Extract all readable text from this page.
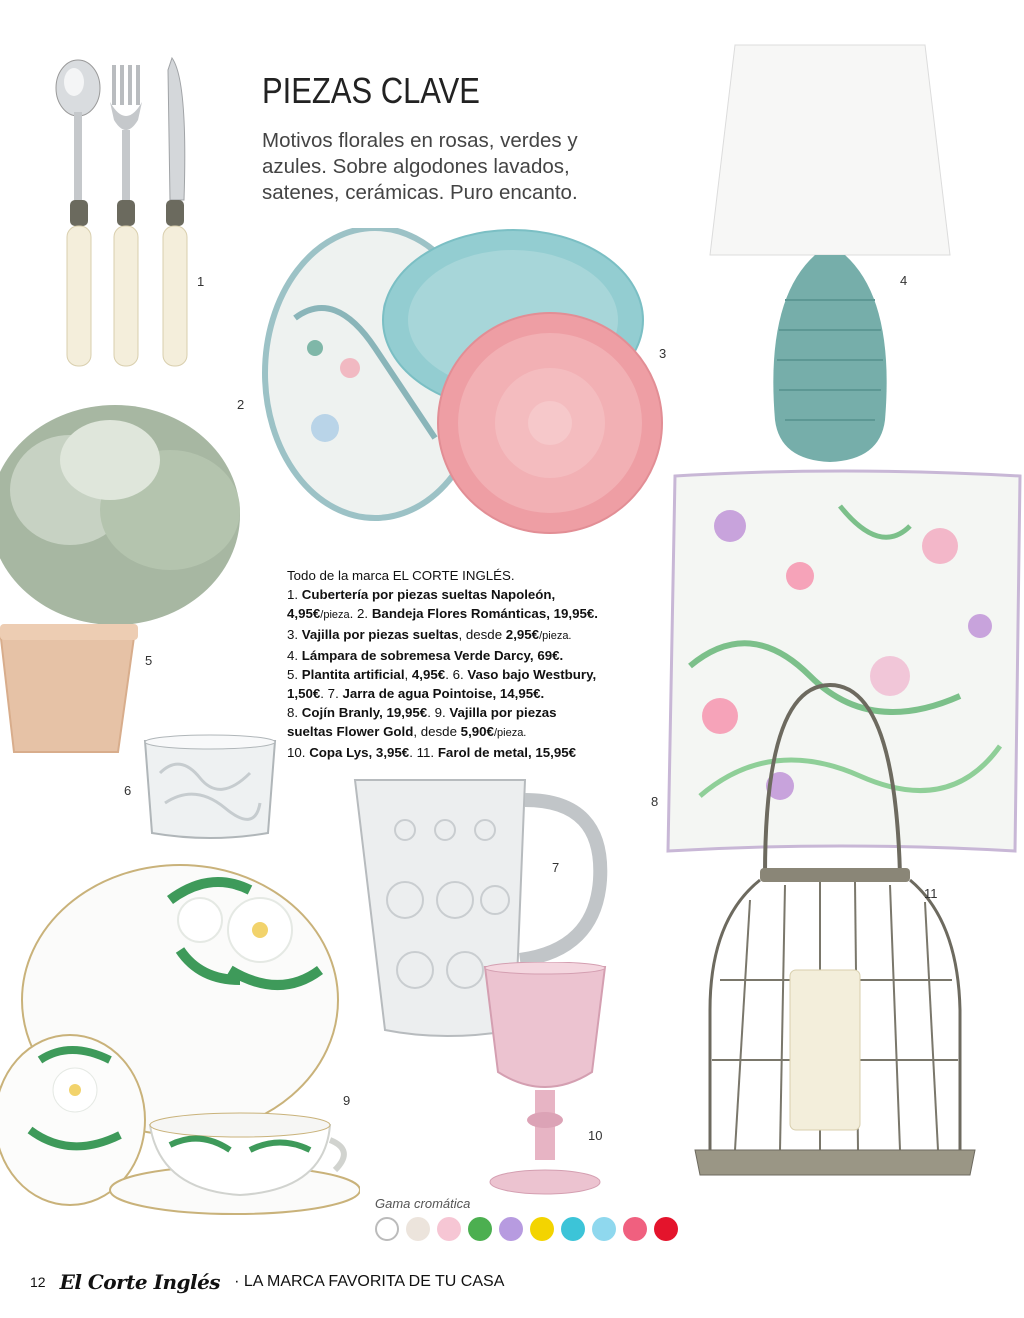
PIEZAS CLAVE
Motivos florales en rosas, verdes y
azules. Sobre algodones lavados,
satenes, cerámicas. Puro encanto.
1
2
3
4
5
6
7
8
9
10
11
Todo de la marca EL CORTE INGLÉS.
1. Cubertería por piezas sueltas Napoleón,
4,95€/pieza. 2. Bandeja Flores Románticas, 19,95€.
3. Vajilla por piezas sueltas, desde 2,95€/pieza.
4. Lámpara de sobremesa Verde Darcy, 69€.
5. Plantita artificial, 4,95€. 6. Vaso bajo Westbury,
1,50€. 7. Jarra de agua Pointoise, 14,95€.
8. Cojín Branly, 19,95€. 9. Vajilla por piezas
sueltas Flower Gold, desde 5,90€/pieza.
10. Copa Lys, 3,95€. 11. Farol de metal, 15,95€
Gama cromática
12 El Corte Inglés · LA MARCA FAVORITA DE TU CASA
